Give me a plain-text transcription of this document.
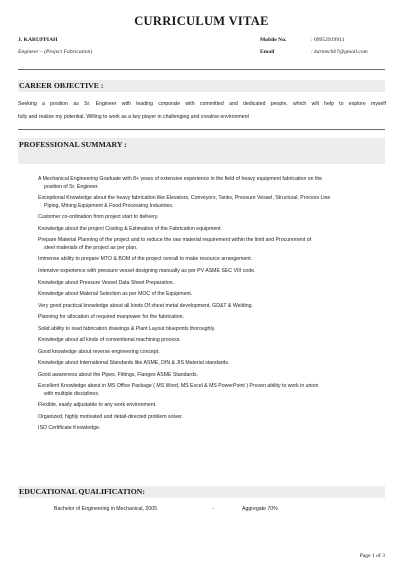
CURRICULUM VITAE
J. KARUPPIAH
Engineer – (Project Fabrication)
Mobile No.	: 09952919911
Email	: karmech07@gmail.com
CAREER OBJECTIVE :
Seeking a position as Sr. Engineer with leading corporate with committed and dedicated people, which will help to explore myself
fully and realize my potential. Willing to work as a key player in challenging and creative environment
PROFESSIONAL SUMMARY :
A Mechanical Engineering Graduate with 8+ years of extensive experience in the field of heavy equipment fabrication on the
position of Sr. Engineer.
Exceptional Knowledge about the heavy fabrication like Elevators, Conveyors, Tanks, Pressure Vessel, Structural, Process Line
Piping, Mining Equipment & Food Processing Industries.
Customer co-ordination from project start to delivery.
Knowledge about the project Costing & Estimation of the Fabrication equipment.
Prepare Material Planning of the project and to reduce the raw material requirement within the limit and Procurement of
steel materials of the project as per plan.
Immense ability to prepare MTO & BOM of the project overall to make resource arrangement.
Intensive experience with pressure vessel designing manually as per PV ASME SEC VIII code.
Knowledge about Pressure Vessel Data Sheet Preparation.
Knowledge about Material Selection as per MOC of the Equipment.
Very good practical knowledge about all kinds Of sheet metal development, GD&T & Welding.
Planning for allocation of required manpower for the fabrication.
Solid ability to read fabrication drawings & Plant Layout blueprints thoroughly.
Knowledge about all kinds of conventional machining process.
Good knowledge about reverse engineering concept.
Knowledge about International Standards like ASME, DIN & JIS Material standards.
Good awareness about the Pipes, Fittings, Flanges ASME Standards.
Excellent Knowledge about in MS Office Package ( MS Word, MS Excel & MS PowerPoint ) Proven ability to work in union
with multiple disciplines.
Flexible, easily adjustable to any work environment.
Organized, highly motivated and detail-directed problem solver.
ISO Certificate Knowledge.
EDUCATIONAL QUALIFICATION:
Bachelor of Engineering in Mechanical, 2005	-	Aggregate 70%
Page 1 of 3
